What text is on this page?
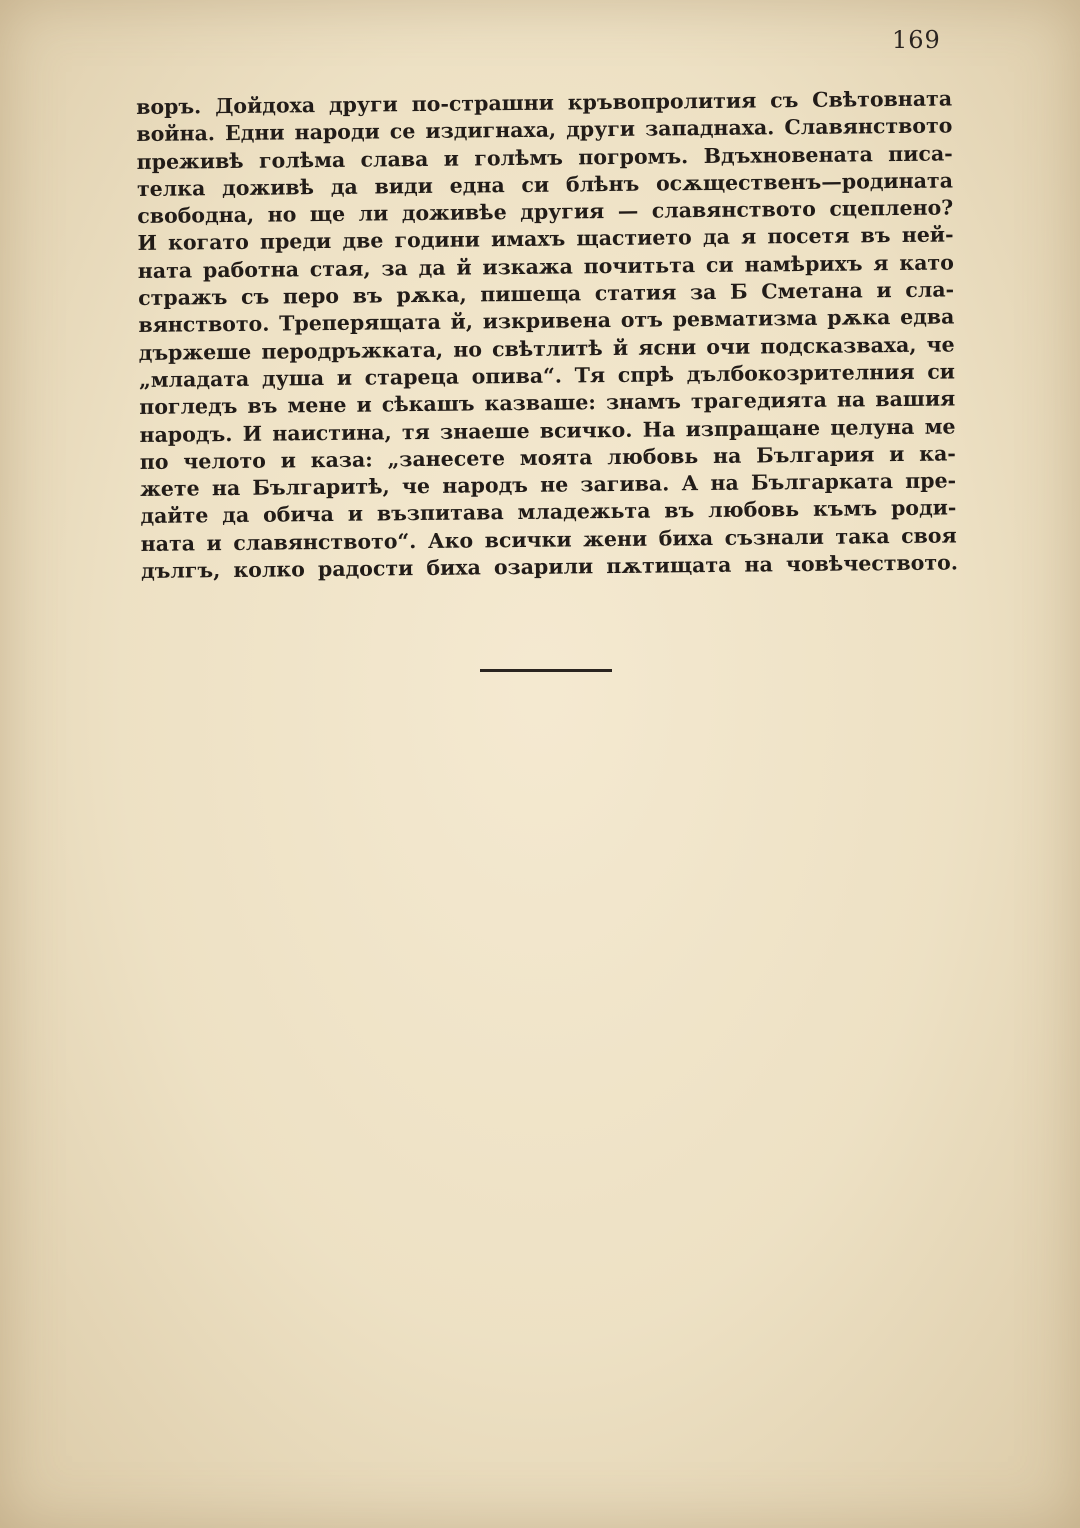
169
воръ. Дойдоха други по-страшни кръвопролития съ Свѣтовната
война. Едни народи се издигнаха, други западнаха. Славянството
преживѣ голѣма слава и голѣмъ погромъ. Вдъхновената писа-
телка доживѣ да види една си блѣнъ осѫщественъ—родината
свободна, но ще ли доживѣе другия — славянството сцеплено?
И когато преди две години имахъ щастието да я посетя въ ней-
ната работна стая, за да й изкажа почитьта си намѣрихъ я като
стражъ съ перо въ рѫка, пишеща статия за Б Сметана и сла-
вянството. Треперящата й, изкривена отъ ревматизма рѫка едва
държеше перодръжката, но свѣтлитѣ й ясни очи подсказваха, че
„младата душа и стареца опива“. Тя спрѣ дълбокозрителния си
погледъ въ мене и сѣкашъ казваше: знамъ трагедията на вашия
народъ. И наистина, тя знаеше всичко. На изпращане целуна ме
по челото и каза: „занесете моята любовь на България и ка-
жете на Българитѣ, че народъ не загива. А на Българката пре-
дайте да обича и възпитава младежьта въ любовь къмъ роди-
ната и славянството“. Ако всички жени биха съзнали така своя
дългъ, колко радости биха озарили пѫтищата на човѣчеството.
